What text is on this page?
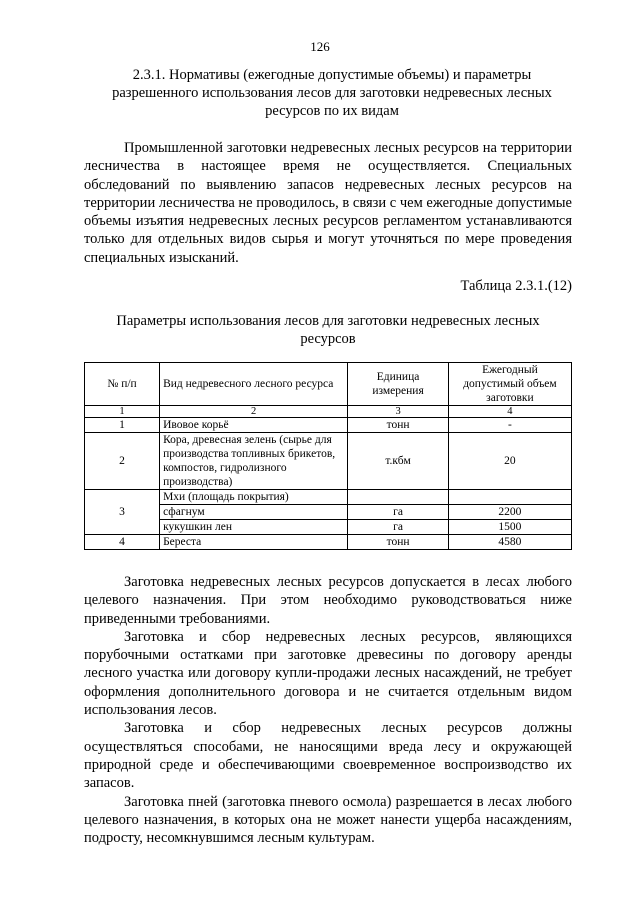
126
2.3.1. Нормативы (ежегодные допустимые объемы) и параметры
разрешенного использования лесов для заготовки недревесных лесных
ресурсов по их видам

Промышленной заготовки недревесных лесных ресурсов на территории лесничества в настоящее время не осуществляется. Специальных обследований по выявлению запасов недревесных лесных ресурсов на территории лесничества не проводилось, в связи с чем ежегодные допустимые объемы изъятия недревесных лесных ресурсов регламентом устанавливаются только для отдельных видов сырья и могут уточняться по мере проведения специальных изысканий.

Таблица 2.3.1.(12)
Параметры использования лесов для заготовки недревесных лесных
ресурсов
№ п/п	Вид недревесного лесного ресурса	Единица измерения	Ежегодный допустимый объем заготовки
1	2	3	4
1	Ивовое корьё	тонн	-
2	Кора, древесная зелень (сырье для производства топливных брикетов, компостов, гидролизного производства)	т.кбм	20
3	Мхи (площадь покрытия)		
	сфагнум	га	2200
	кукушкин лен	га	1500
4	Береста	тонн	4580

Заготовка недревесных лесных ресурсов допускается в лесах любого целевого назначения. При этом необходимо руководствоваться ниже приведенными требованиями.

Заготовка и сбор недревесных лесных ресурсов, являющихся порубочными остатками при заготовке древесины по договору аренды лесного участка или договору купли-продажи лесных насаждений, не требует оформления дополнительного договора и не считается отдельным видом использования лесов.

Заготовка и сбор недревесных лесных ресурсов должны осуществляться способами, не наносящими вреда лесу и окружающей природной среде и обеспечивающими своевременное воспроизводство их запасов.

Заготовка пней (заготовка пневого осмола) разрешается в лесах любого целевого назначения, в которых она не может нанести ущерба насаждениям, подросту, несомкнувшимся лесным культурам.
